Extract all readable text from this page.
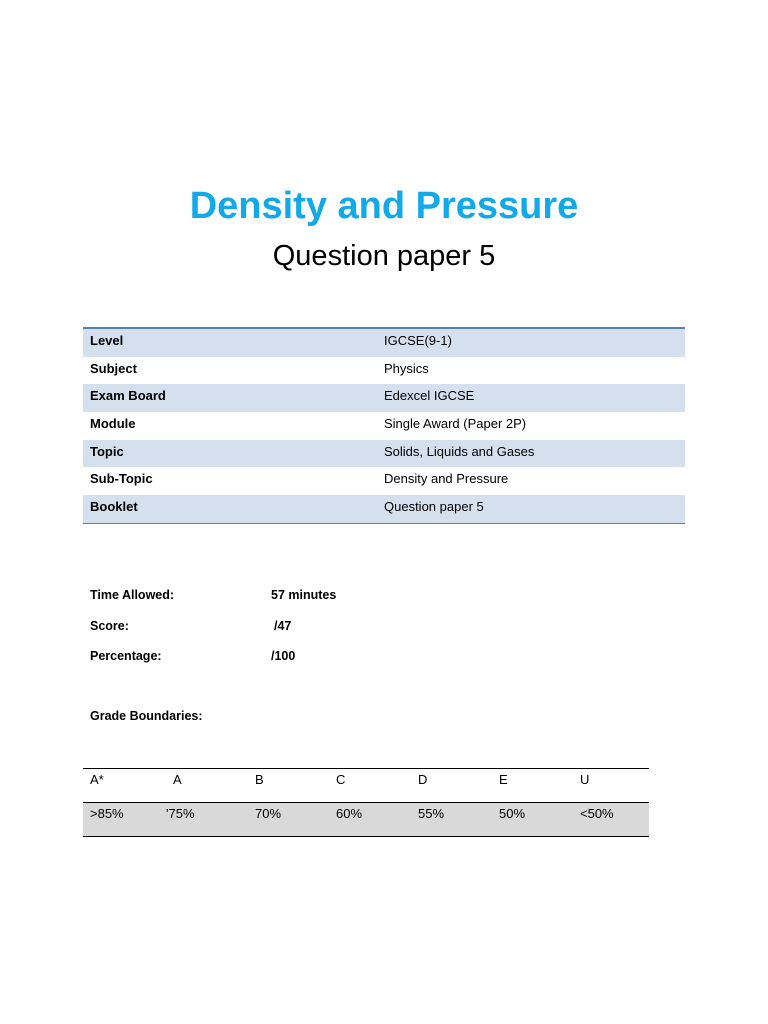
Density and Pressure
Question paper 5
Level	IGCSE(9-1)
Subject	Physics
Exam Board	Edexcel IGCSE
Module	Single Award (Paper 2P)
Topic	Solids, Liquids and Gases
Sub-Topic	Density and Pressure
Booklet	Question paper 5
Time Allowed:	57 minutes
Score:	/47
Percentage:	/100
Grade Boundaries:
A*	A	B	C	D	E	U
>85%	'75%	70%	60%	55%	50%	<50%
